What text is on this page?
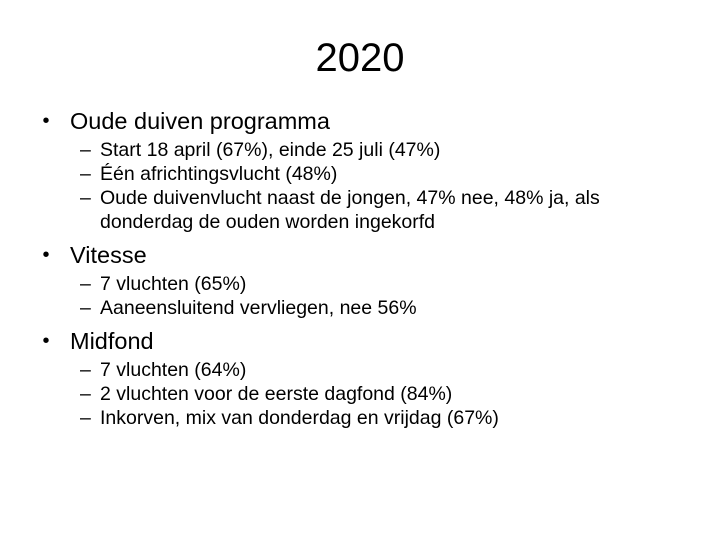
2020
• Oude duiven programma
– Start 18 april (67%), einde 25 juli (47%)
– Één africhtingsvlucht (48%)
– Oude duivenvlucht naast de jongen, 47% nee, 48% ja, als donderdag de ouden worden ingekorfd
• Vitesse
– 7 vluchten (65%)
– Aaneensluitend vervliegen, nee 56%
• Midfond
– 7 vluchten (64%)
– 2 vluchten voor de eerste dagfond (84%)
– Inkorven, mix van donderdag en vrijdag (67%)
